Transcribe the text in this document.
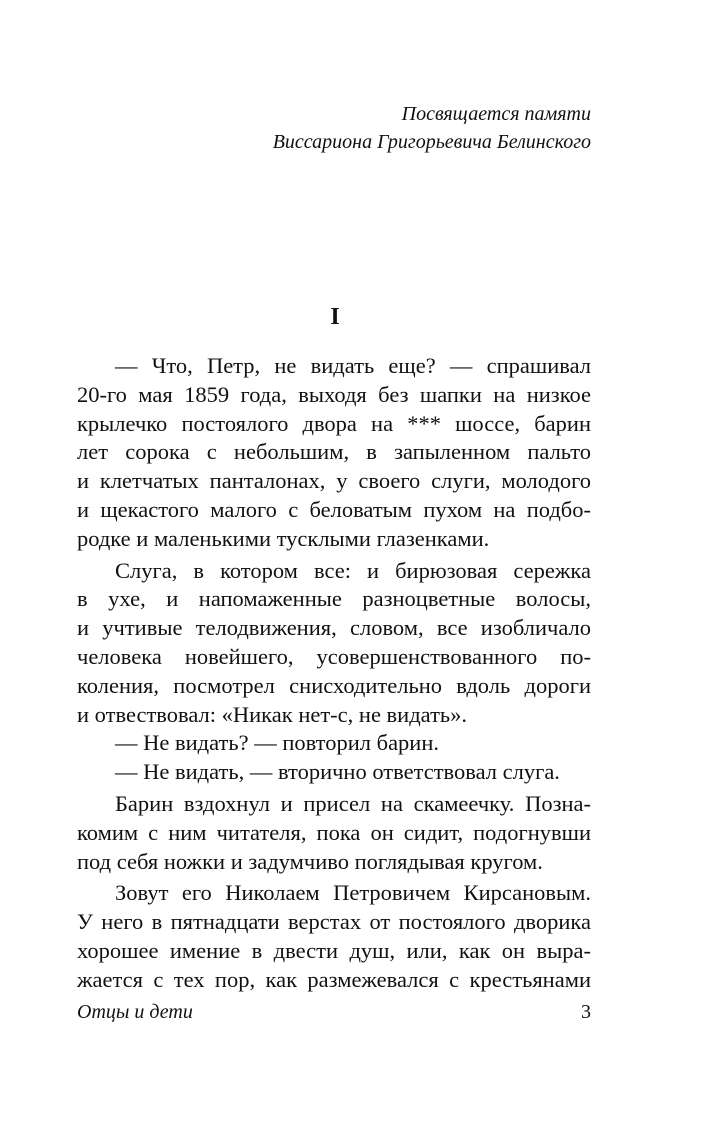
Посвящается памяти
Виссариона Григорьевича Белинского
I
— Что, Петр, не видать еще? — спрашивал
20-го мая 1859 года, выходя без шапки на низкое
крылечко постоялого двора на *** шоссе, барин
лет сорока с небольшим, в запыленном пальто
и клетчатых панталонах, у своего слуги, молодого
и щекастого малого с беловатым пухом на подбо-
родке и маленькими тусклыми глазенками.
Слуга, в котором все: и бирюзовая сережка
в ухе, и напомаженные разноцветные волосы,
и учтивые телодвижения, словом, все изобличало
человека новейшего, усовершенствованного по-
коления, посмотрел снисходительно вдоль дороги
и отвествовал: «Никак нет-с, не видать».
— Не видать? — повторил барин.
— Не видать, — вторично ответствовал слуга.
Барин вздохнул и присел на скамеечку. Позна-
комим с ним читателя, пока он сидит, подогнувши
под себя ножки и задумчиво поглядывая кругом.
Зовут его Николаем Петровичем Кирсановым.
У него в пятнадцати верстах от постоялого дворика
хорошее имение в двести душ, или, как он выра-
жается с тех пор, как размежевался с крестьянами
Отцы и дети	3
